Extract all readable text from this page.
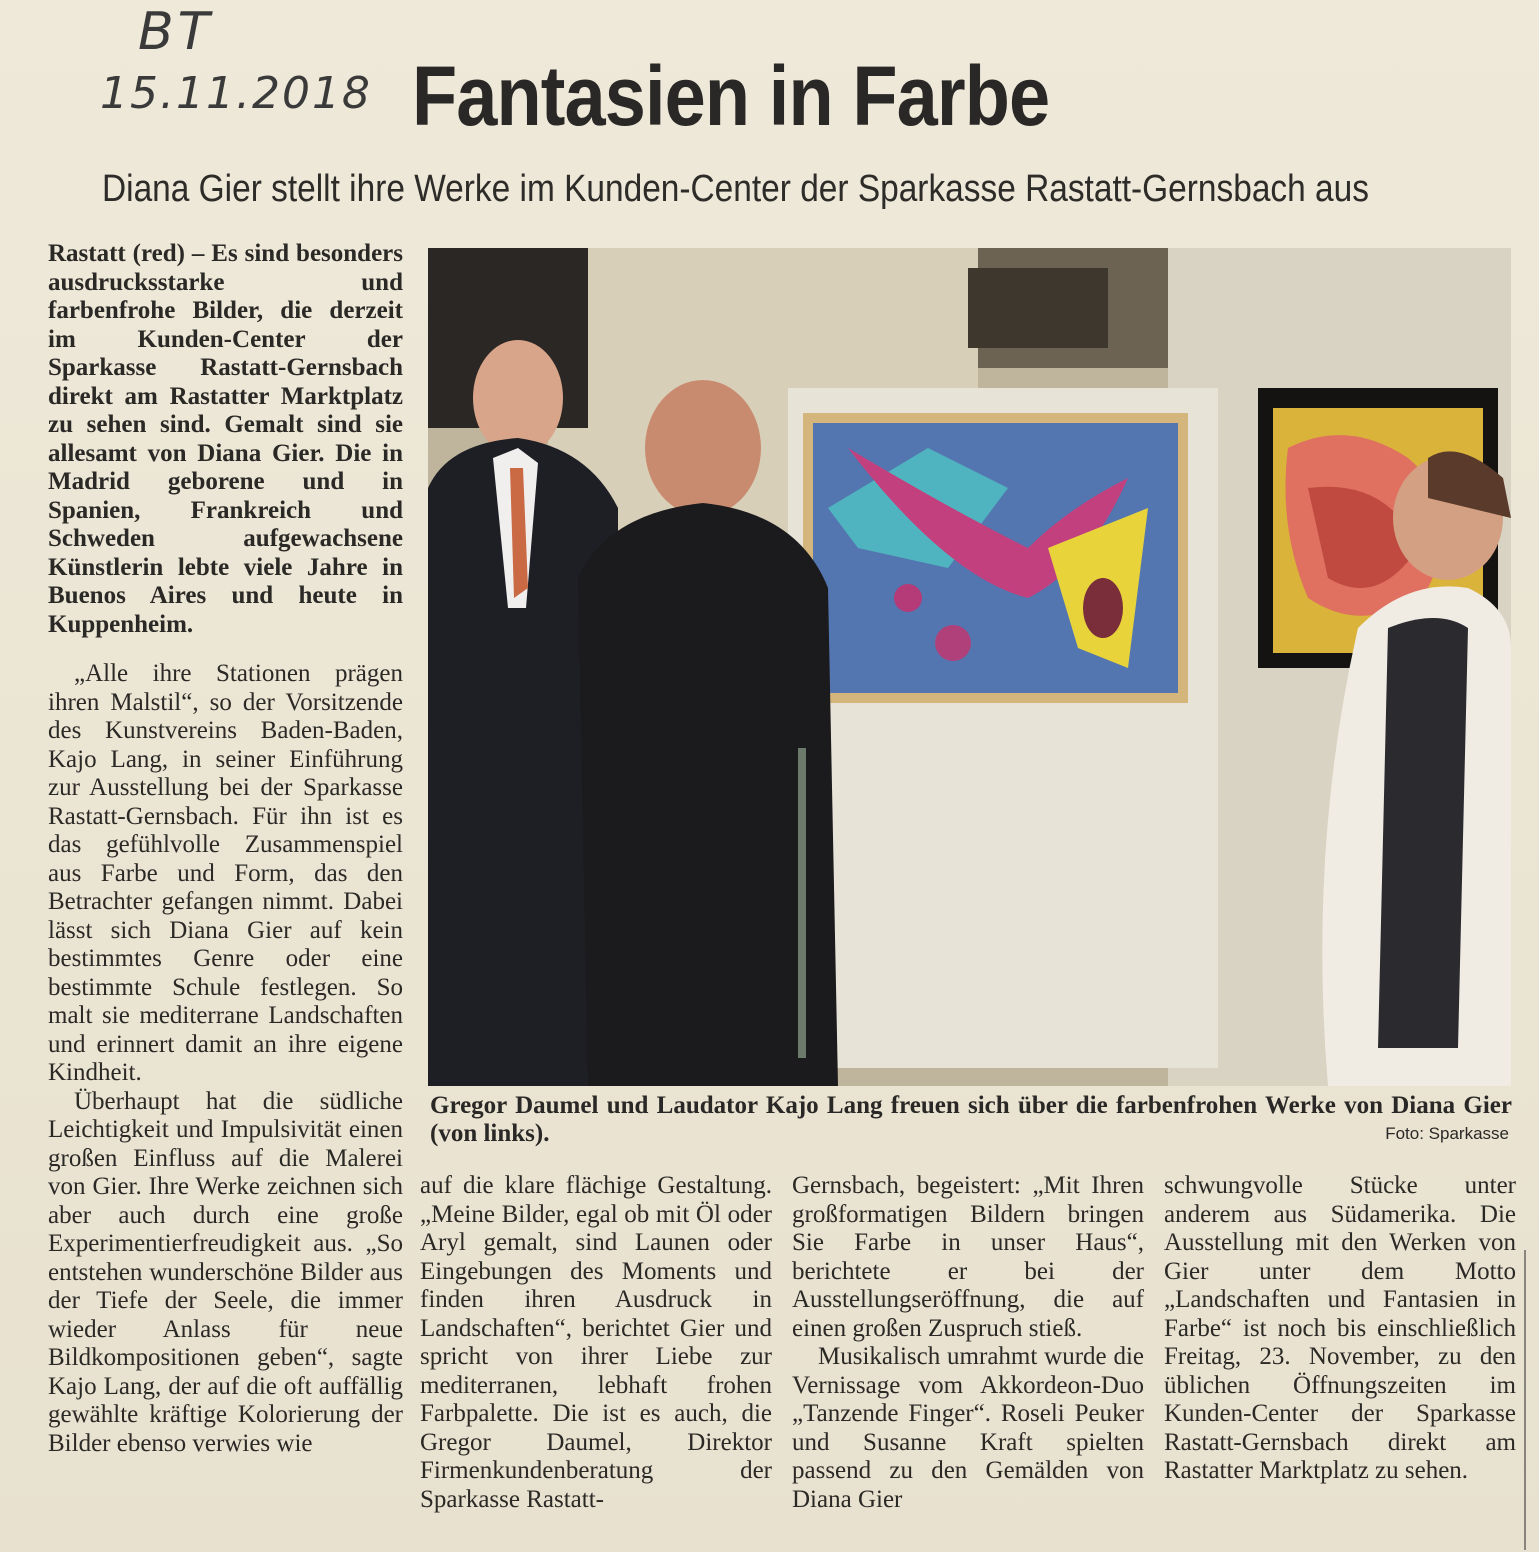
BT
15.11.2018 Fantasien in Farbe
Diana Gier stellt ihre Werke im Kunden-Center der Sparkasse Rastatt-Gernsbach aus

Rastatt (red) – Es sind besonders ausdrucksstarke und farbenfrohe Bilder, die derzeit im Kunden-Center der Sparkasse Rastatt-Gernsbach direkt am Rastatter Marktplatz zu sehen sind. Gemalt sind sie allesamt von Diana Gier. Die in Madrid geborene und in Spanien, Frankreich und Schweden aufgewachsene Künstlerin lebte viele Jahre in Buenos Aires und heute in Kuppenheim.

„Alle ihre Stationen prägen ihren Malstil“, so der Vorsitzende des Kunstvereins Baden-Baden, Kajo Lang, in seiner Einführung zur Ausstellung bei der Sparkasse Rastatt-Gernsbach. Für ihn ist es das gefühlvolle Zusammenspiel aus Farbe und Form, das den Betrachter gefangen nimmt. Dabei lässt sich Diana Gier auf kein bestimmtes Genre oder eine bestimmte Schule festlegen. So malt sie mediterrane Landschaften und erinnert damit an ihre eigene Kindheit.

Überhaupt hat die südliche Leichtigkeit und Impulsivität einen großen Einfluss auf die Malerei von Gier. Ihre Werke zeichnen sich aber auch durch eine große Experimentierfreudigkeit aus. „So entstehen wunderschöne Bilder aus der Tiefe der Seele, die immer wieder Anlass für neue Bildkompositionen geben“, sagte Kajo Lang, der auf die oft auffällig gewählte kräftige Kolorierung der Bilder ebenso verwies wie

Gregor Daumel und Laudator Kajo Lang freuen sich über die farbenfrohen Werke von Diana Gier (von links).	Foto: Sparkasse

auf die klare flächige Gestaltung. „Meine Bilder, egal ob mit Öl oder Aryl gemalt, sind Launen oder Eingebungen des Moments und finden ihren Ausdruck in Landschaften“, berichtet Gier und spricht von ihrer Liebe zur mediterranen, lebhaft frohen Farbpalette. Die ist es auch, die Gregor Daumel, Direktor Firmenkundenberatung der Sparkasse Rastatt-

Gernsbach, begeistert: „Mit Ihren großformatigen Bildern bringen Sie Farbe in unser Haus“, berichtete er bei der Ausstellungseröffnung, die auf einen großen Zuspruch stieß.

Musikalisch umrahmt wurde die Vernissage vom Akkordeon-Duo „Tanzende Finger“. Roseli Peuker und Susanne Kraft spielten passend zu den Gemälden von Diana Gier

schwungvolle Stücke unter anderem aus Südamerika. Die Ausstellung mit den Werken von Gier unter dem Motto „Landschaften und Fantasien in Farbe“ ist noch bis einschließlich Freitag, 23. November, zu den üblichen Öffnungszeiten im Kunden-Center der Sparkasse Rastatt-Gernsbach direkt am Rastatter Marktplatz zu sehen.
